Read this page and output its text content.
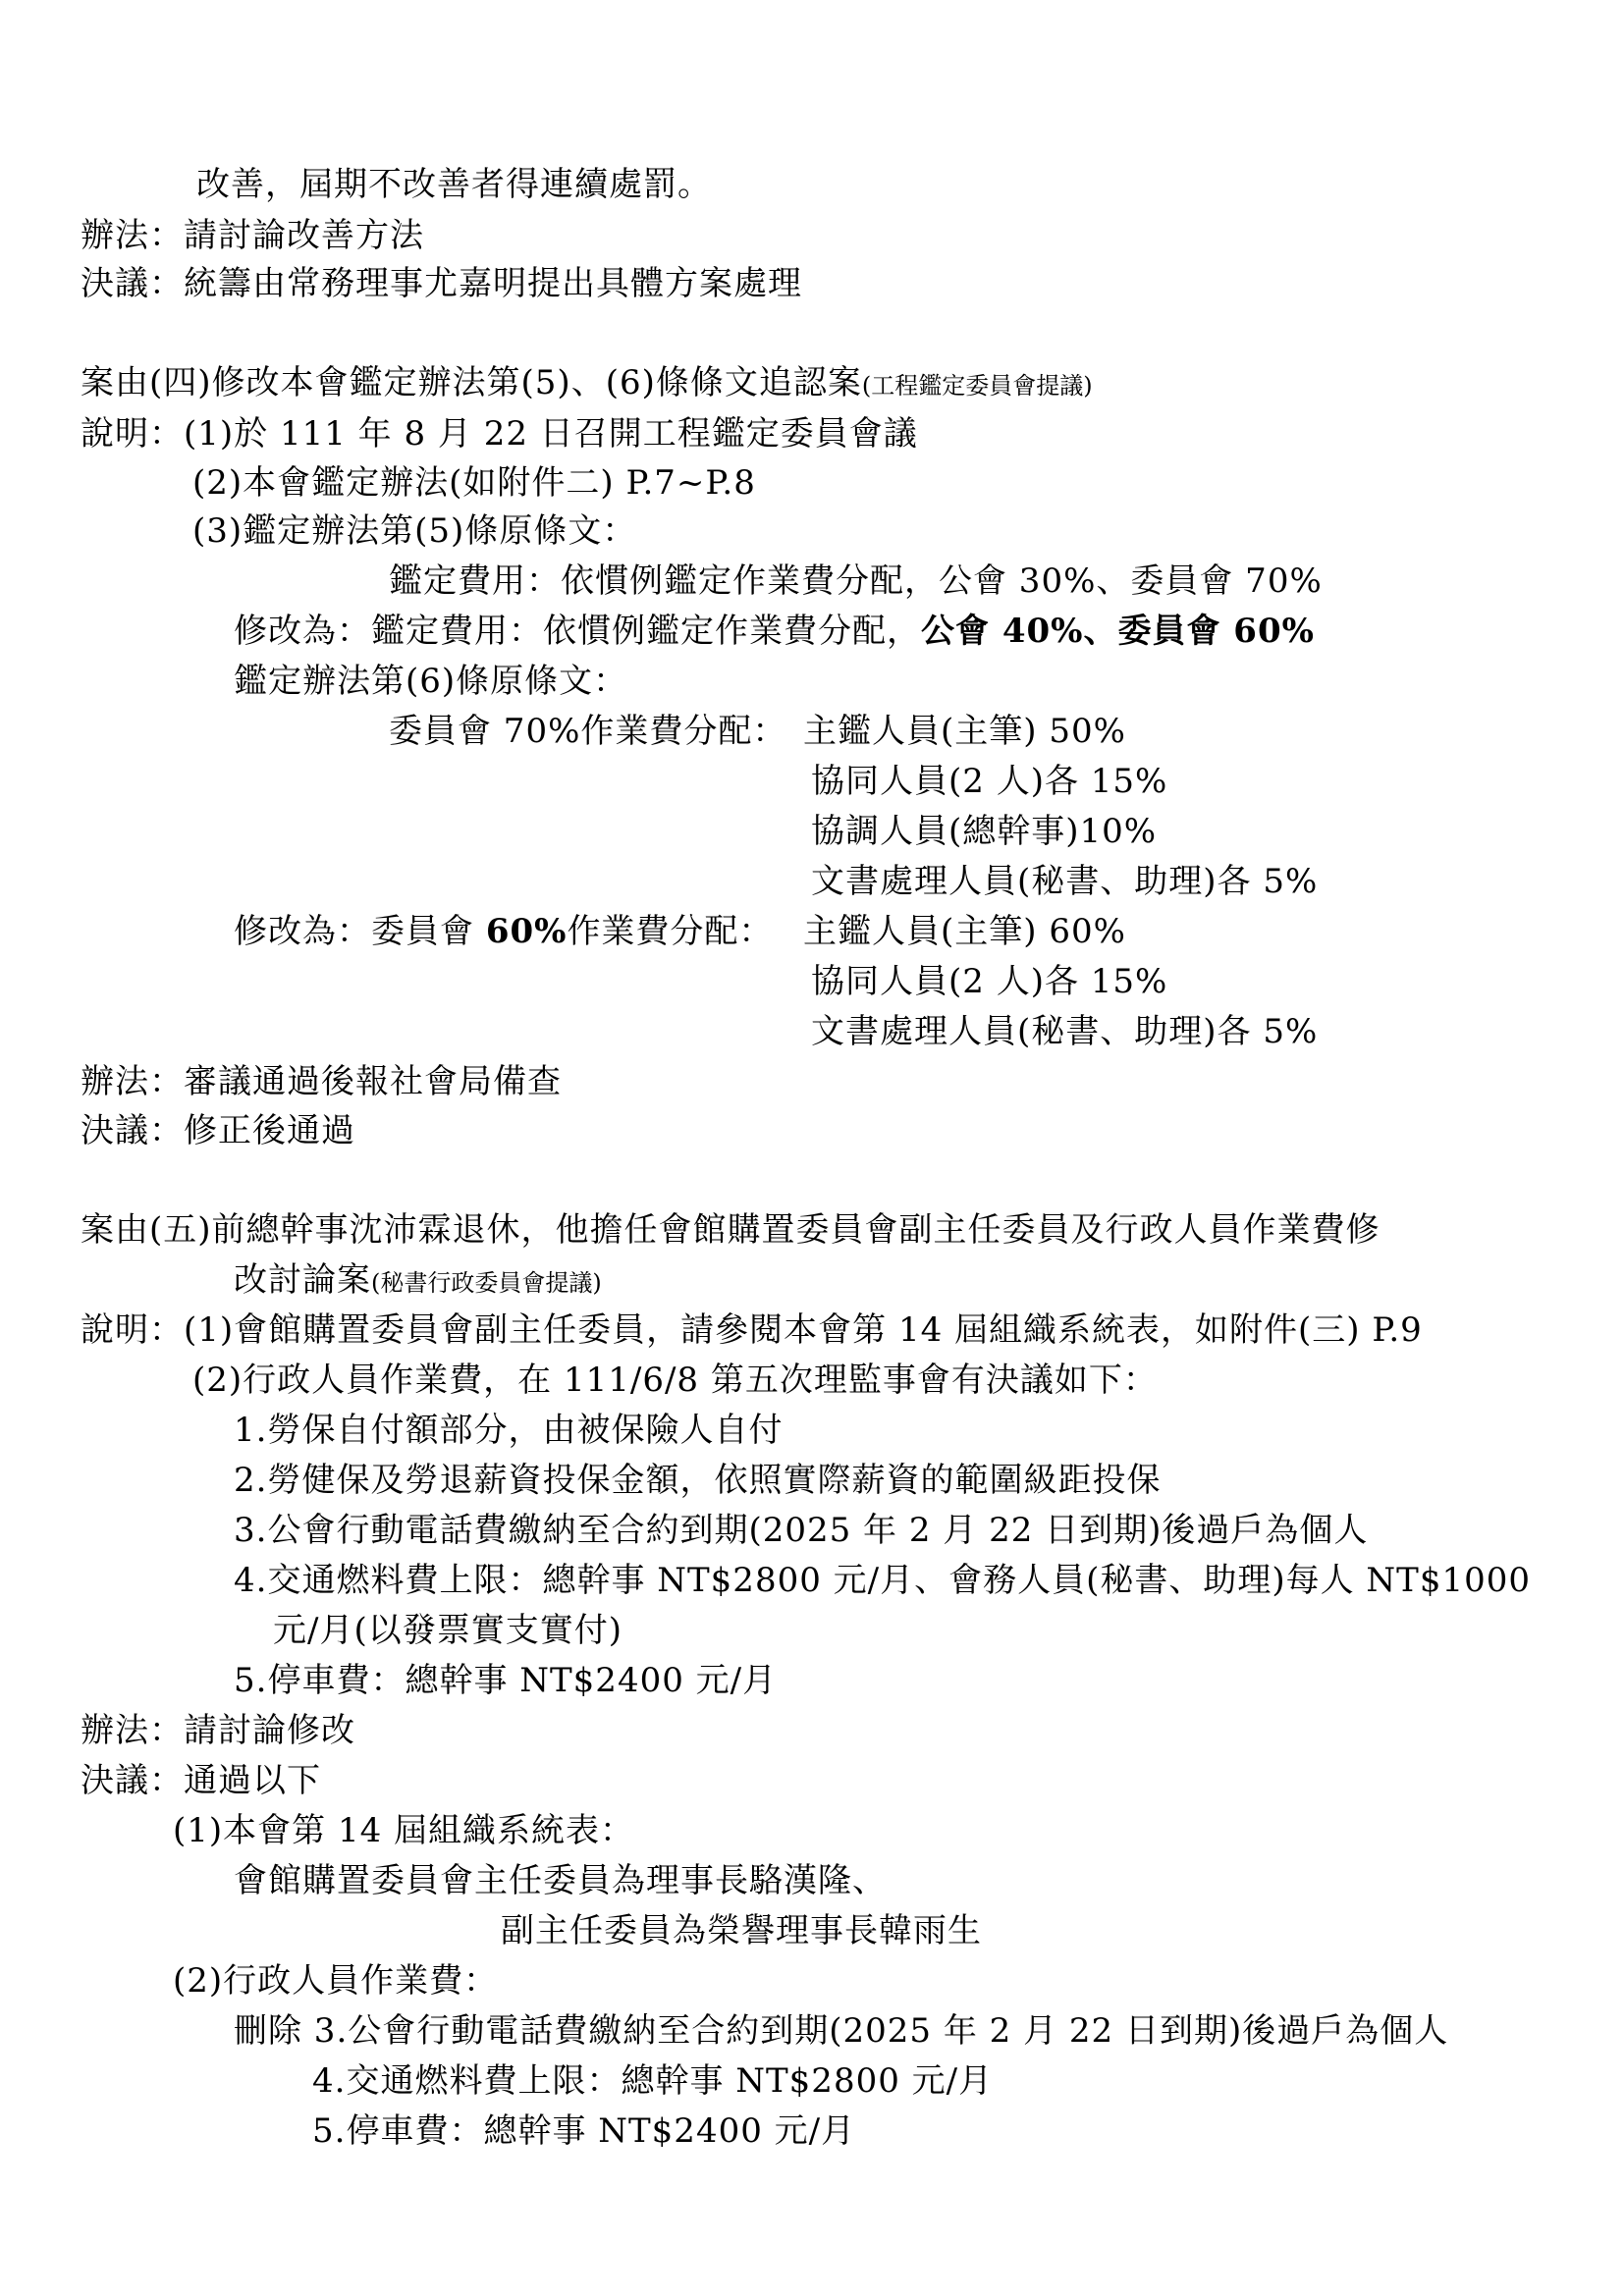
改善，屆期不改善者得連續處罰。
辦法：請討論改善方法
決議：統籌由常務理事尤嘉明提出具體方案處理
案由(四)修改本會鑑定辦法第(5)、(6)條條文追認案(工程鑑定委員會提議)
說明：(1)於 111 年 8 月 22 日召開工程鑑定委員會議
(2)本會鑑定辦法(如附件二) P.7~P.8
(3)鑑定辦法第(5)條原條文：
鑑定費用：依慣例鑑定作業費分配，公會 30%、委員會 70%
修改為：鑑定費用：依慣例鑑定作業費分配，公會 40%、委員會 60%
鑑定辦法第(6)條原條文：
委員會 70%作業費分配： 主鑑人員(主筆) 50%
協同人員(2 人)各 15%
協調人員(總幹事)10%
文書處理人員(秘書、助理)各 5%
修改為：委員會 60%作業費分配： 主鑑人員(主筆) 60%
協同人員(2 人)各 15%
文書處理人員(秘書、助理)各 5%
辦法：審議通過後報社會局備查
決議：修正後通過
案由(五)前總幹事沈沛霖退休，他擔任會館購置委員會副主任委員及行政人員作業費修
改討論案(秘書行政委員會提議)
說明：(1)會館購置委員會副主任委員，請參閱本會第 14 屆組織系統表，如附件(三) P.9
(2)行政人員作業費，在 111/6/8 第五次理監事會有決議如下：
1.勞保自付額部分，由被保險人自付
2.勞健保及勞退薪資投保金額，依照實際薪資的範圍級距投保
3.公會行動電話費繳納至合約到期(2025 年 2 月 22 日到期)後過戶為個人
4.交通燃料費上限：總幹事 NT$2800 元/月、會務人員(秘書、助理)每人 NT$1000
元/月(以發票實支實付)
5.停車費：總幹事 NT$2400 元/月
辦法：請討論修改
決議：通過以下
(1)本會第 14 屆組織系統表：
會館購置委員會主任委員為理事長駱漢隆、
副主任委員為榮譽理事長韓雨生
(2)行政人員作業費：
刪除 3.公會行動電話費繳納至合約到期(2025 年 2 月 22 日到期)後過戶為個人
4.交通燃料費上限：總幹事 NT$2800 元/月
5.停車費：總幹事 NT$2400 元/月
